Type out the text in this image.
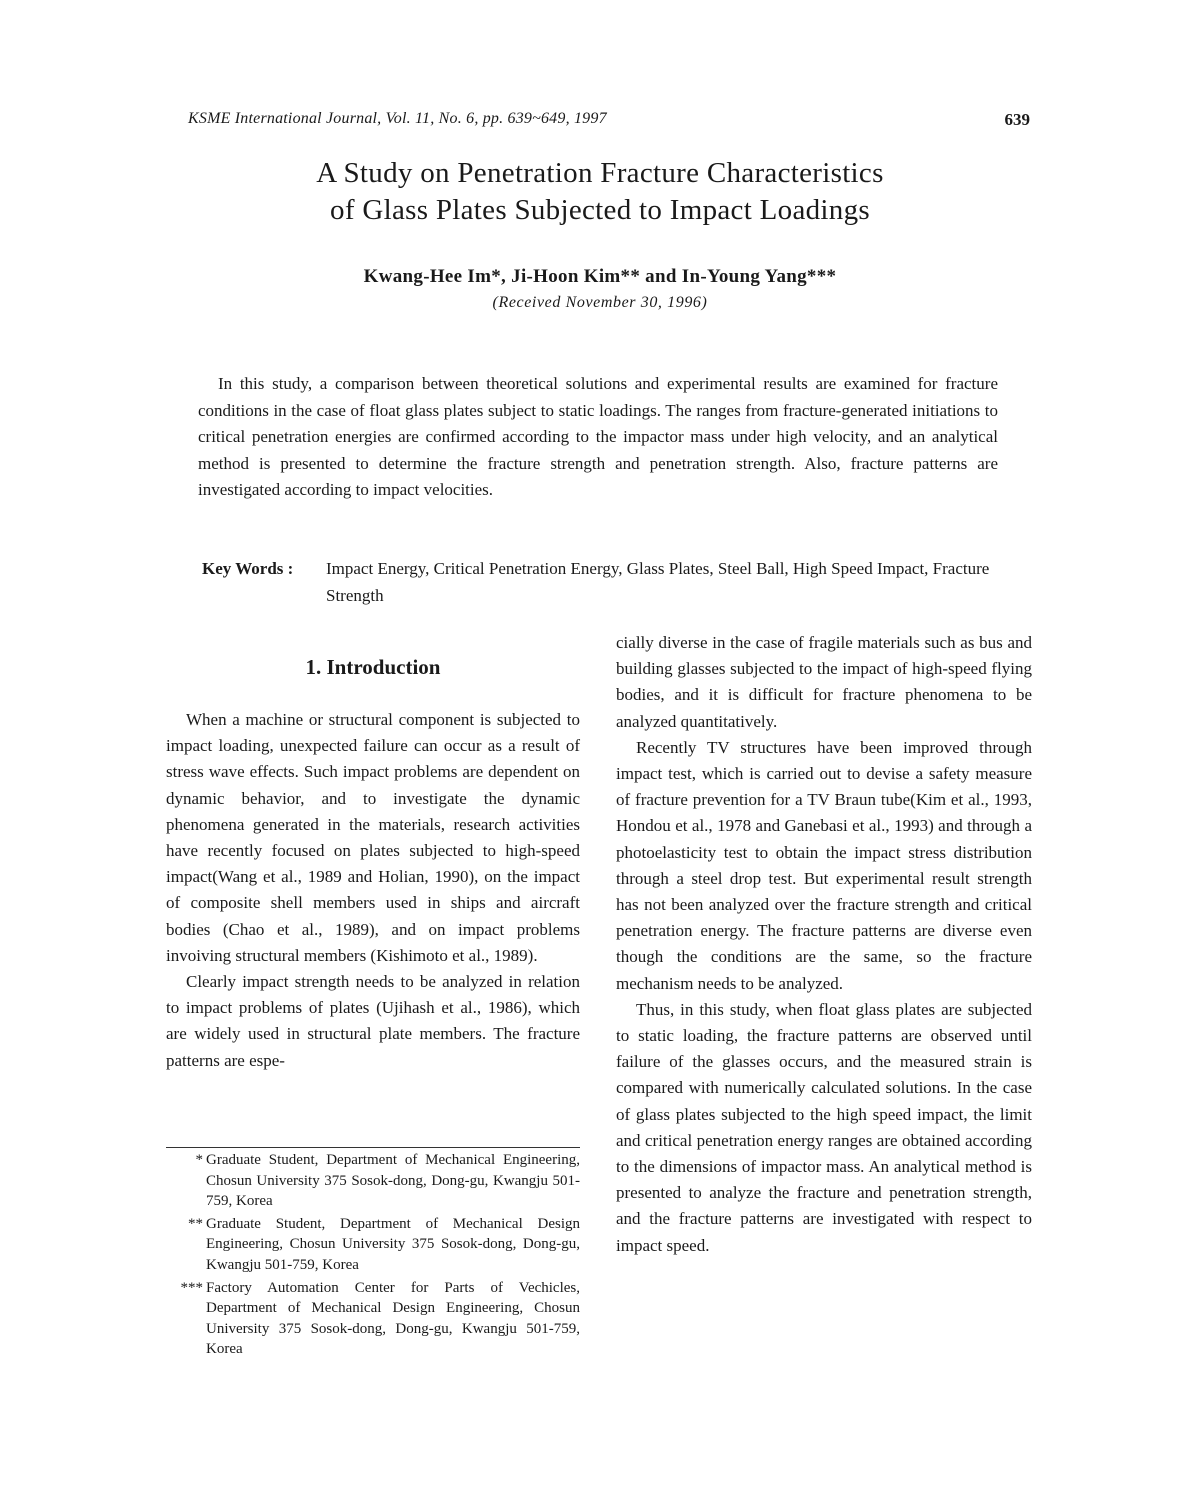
KSME International Journal, Vol. 11, No. 6, pp. 639~649, 1997	639
A Study on Penetration Fracture Characteristics
of Glass Plates Subjected to Impact Loadings
Kwang-Hee Im*, Ji-Hoon Kim** and In-Young Yang***
(Received November 30, 1996)

In this study, a comparison between theoretical solutions and experimental results are examined for fracture conditions in the case of float glass plates subject to static loadings. The ranges from fracture-generated initiations to critical penetration energies are confirmed according to the impactor mass under high velocity, and an analytical method is presented to determine the fracture strength and penetration strength. Also, fracture patterns are investigated according to impact velocities.

Key Words :	Impact Energy, Critical Penetration Energy, Glass Plates, Steel Ball, High Speed Impact, Fracture Strength
1. Introduction

When a machine or structural component is subjected to impact loading, unexpected failure can occur as a result of stress wave effects. Such impact problems are dependent on dynamic behavior, and to investigate the dynamic phenomena generated in the materials, research activities have recently focused on plates subjected to high-speed impact(Wang et al., 1989 and Holian, 1990), on the impact of composite shell members used in ships and aircraft bodies (Chao et al., 1989), and on impact problems invoiving structural members (Kishimoto et al., 1989).

Clearly impact strength needs to be analyzed in relation to impact problems of plates (Ujihash et al., 1986), which are widely used in structural plate members. The fracture patterns are espe-

* Graduate Student, Department of Mechanical Engineering, Chosun University 375 Sosok-dong, Dong-gu, Kwangju 501-759, Korea
** Graduate Student, Department of Mechanical Design Engineering, Chosun University 375 Sosok-dong, Dong-gu, Kwangju 501-759, Korea
*** Factory Automation Center for Parts of Vechicles, Department of Mechanical Design Engineering, Chosun University 375 Sosok-dong, Dong-gu, Kwangju 501-759, Korea

cially diverse in the case of fragile materials such as bus and building glasses subjected to the impact of high-speed flying bodies, and it is difficult for fracture phenomena to be analyzed quantitatively.

Recently TV structures have been improved through impact test, which is carried out to devise a safety measure of fracture prevention for a TV Braun tube(Kim et al., 1993, Hondou et al., 1978 and Ganebasi et al., 1993) and through a photoelasticity test to obtain the impact stress distribution through a steel drop test. But experimental result strength has not been analyzed over the fracture strength and critical penetration energy. The fracture patterns are diverse even though the conditions are the same, so the fracture mechanism needs to be analyzed.

Thus, in this study, when float glass plates are subjected to static loading, the fracture patterns are observed until failure of the glasses occurs, and the measured strain is compared with numerically calculated solutions. In the case of glass plates subjected to the high speed impact, the limit and critical penetration energy ranges are obtained according to the dimensions of impactor mass. An analytical method is presented to analyze the fracture and penetration strength, and the fracture patterns are investigated with respect to impact speed.
